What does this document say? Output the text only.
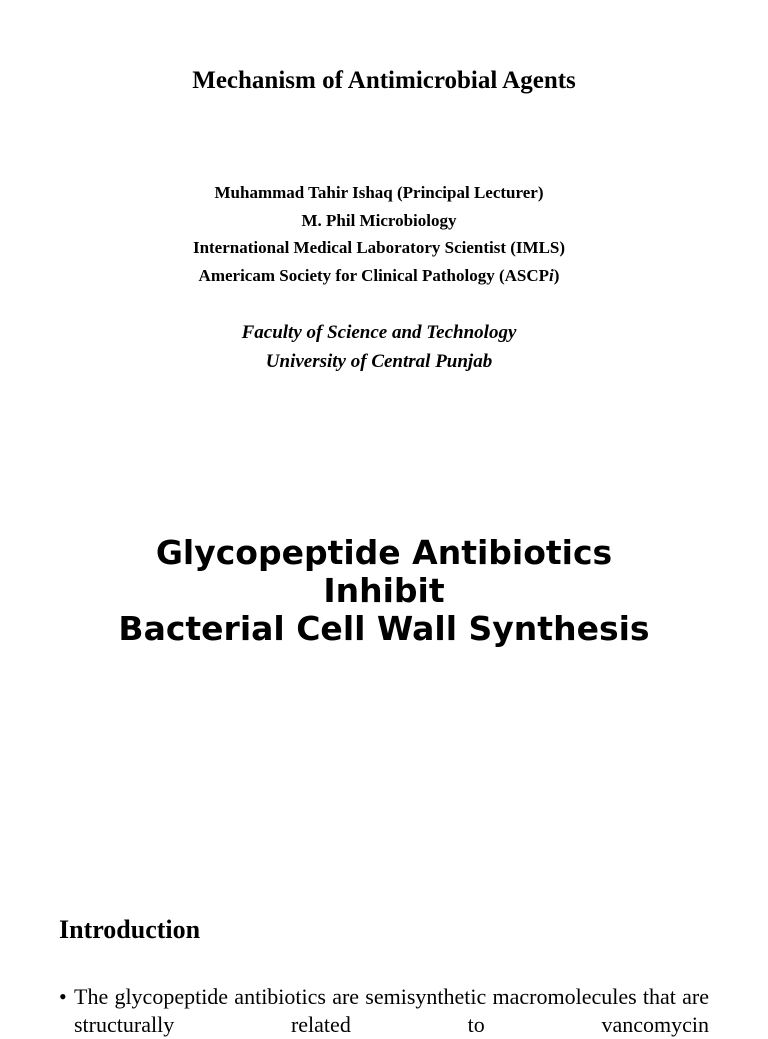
Mechanism of Antimicrobial Agents
Muhammad Tahir Ishaq (Principal Lecturer)
M. Phil Microbiology
International Medical Laboratory Scientist (IMLS)
Americam Society for Clinical Pathology (ASCPi)
Faculty of Science and Technology
University of Central Punjab
Glycopeptide Antibiotics
Inhibit
Bacterial Cell Wall Synthesis
Introduction
• The glycopeptide antibiotics are semisynthetic macromolecules that are structurally related to vancomycin
